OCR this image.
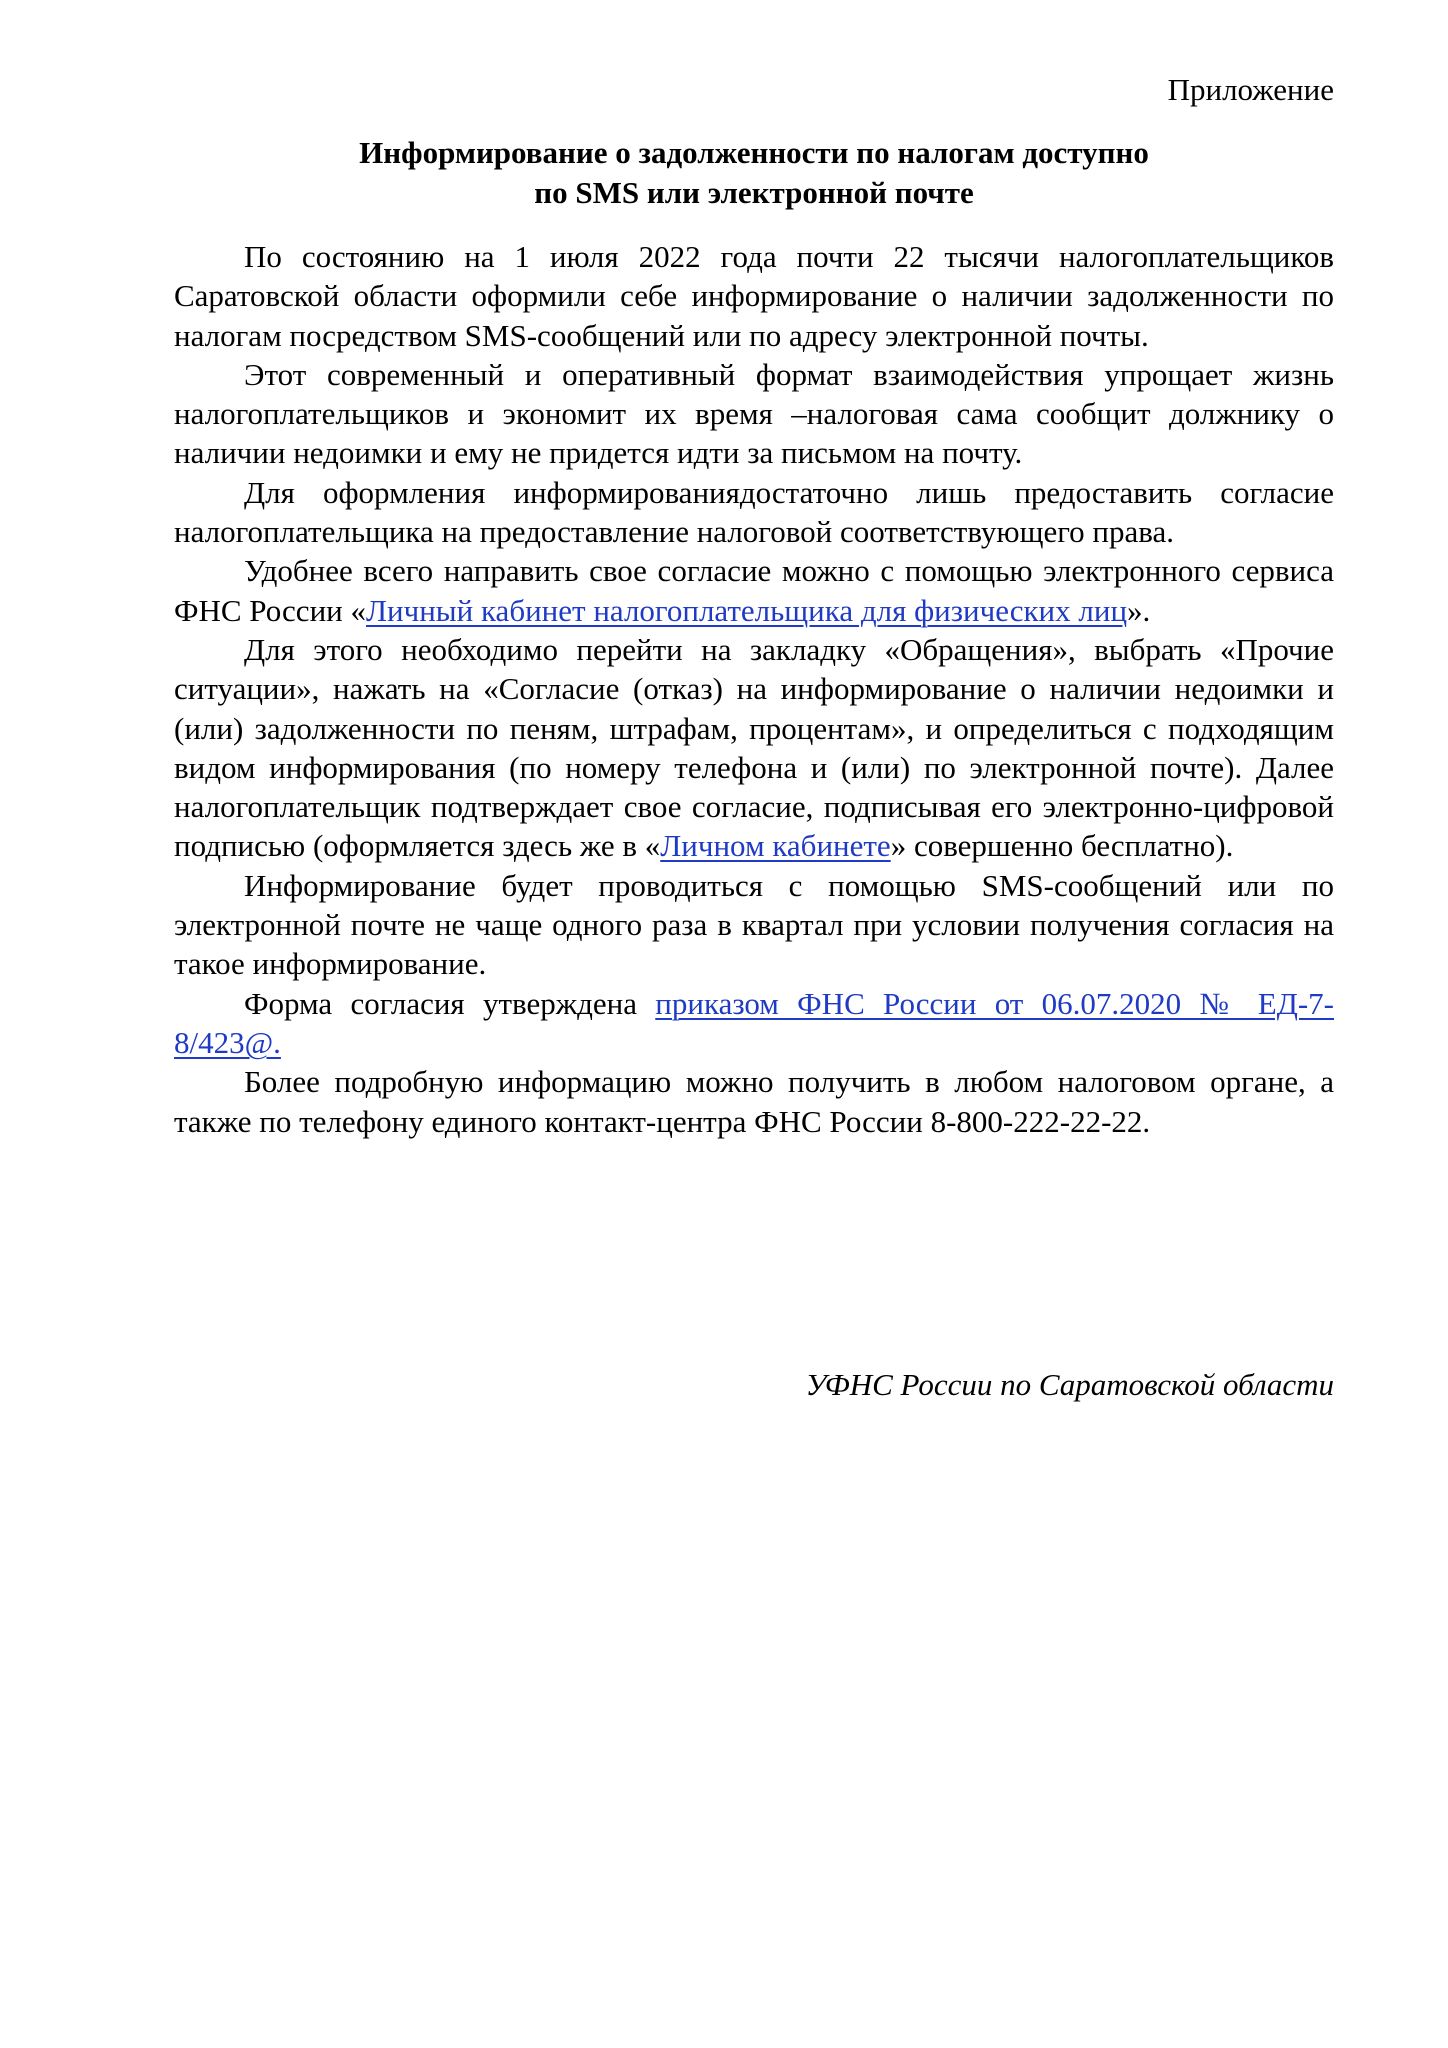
Приложение
Информирование о задолженности по налогам доступно
по SMS или электронной почте

По состоянию на 1 июля 2022 года почти 22 тысячи налогоплательщиков Саратовской области оформили себе информирование о наличии задолженности по налогам посредством SMS-сообщений или по адресу электронной почты.

Этот современный и оперативный формат взаимодействия упрощает жизнь налогоплательщиков и экономит их время –налоговая сама сообщит должнику о наличии недоимки и ему не придется идти за письмом на почту.

Для оформления информированиядостаточно лишь предоставить согласие налогоплательщика на предоставление налоговой соответствующего права.

Удобнее всего направить свое согласие можно с помощью электронного сервиса ФНС России «Личный кабинет налогоплательщика для физических лиц».

Для этого необходимо перейти на закладку «Обращения», выбрать «Прочие ситуации», нажать на «Согласие (отказ) на информирование о наличии недоимки и (или) задолженности по пеням, штрафам, процентам», и определиться с подходящим видом информирования (по номеру телефона и (или) по электронной почте). Далее налогоплательщик подтверждает свое согласие, подписывая его электронно-цифровой подписью (оформляется здесь же в «Личном кабинете» совершенно бесплатно).

Информирование будет проводиться с помощью SMS-сообщений или по электронной почте не чаще одного раза в квартал при условии получения согласия на такое информирование.

Форма согласия утверждена приказом ФНС России от 06.07.2020 № ЕД-7-8/423@.

Более подробную информацию можно получить в любом налоговом органе, а также по телефону единого контакт-центра ФНС России 8-800-222-22-22.

УФНС России по Саратовской области
